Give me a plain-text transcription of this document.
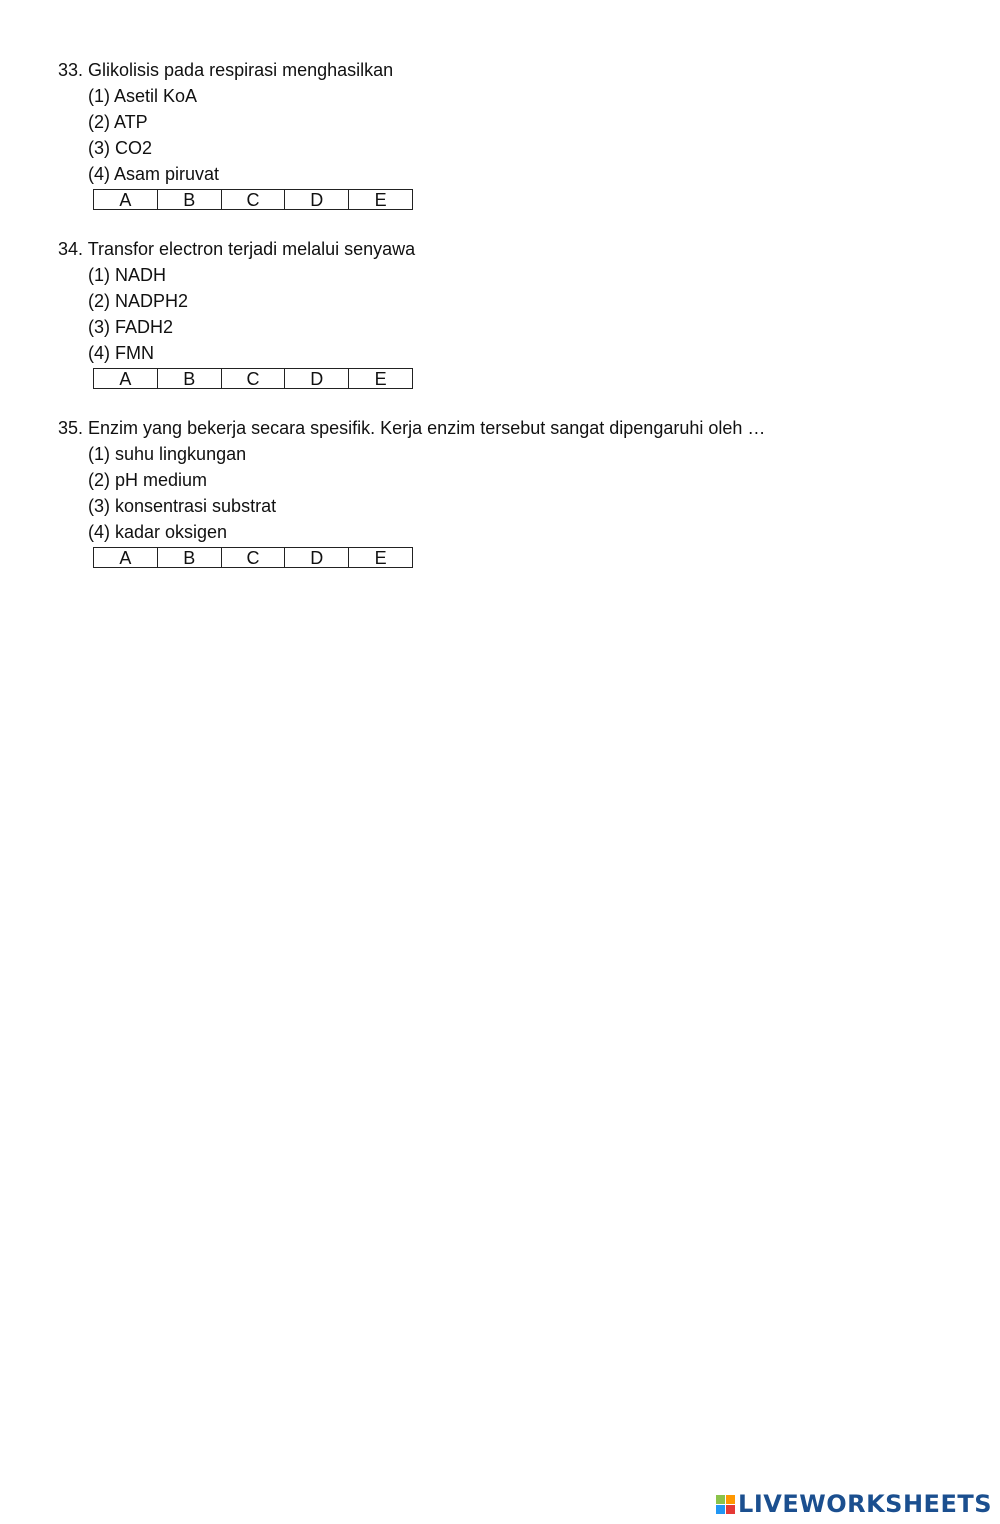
33. Glikolisis pada respirasi menghasilkan
(1) Asetil KoA
(2) ATP
(3) CO2
(4) Asam piruvat
A	B	C	D	E
34. Transfor electron terjadi melalui senyawa
(1) NADH
(2) NADPH2
(3) FADH2
(4) FMN
A	B	C	D	E
35. Enzim yang bekerja secara spesifik. Kerja enzim tersebut sangat dipengaruhi oleh …
(1) suhu lingkungan
(2) pH medium
(3) konsentrasi substrat
(4) kadar oksigen
A	B	C	D	E
LIVEWORKSHEETS
